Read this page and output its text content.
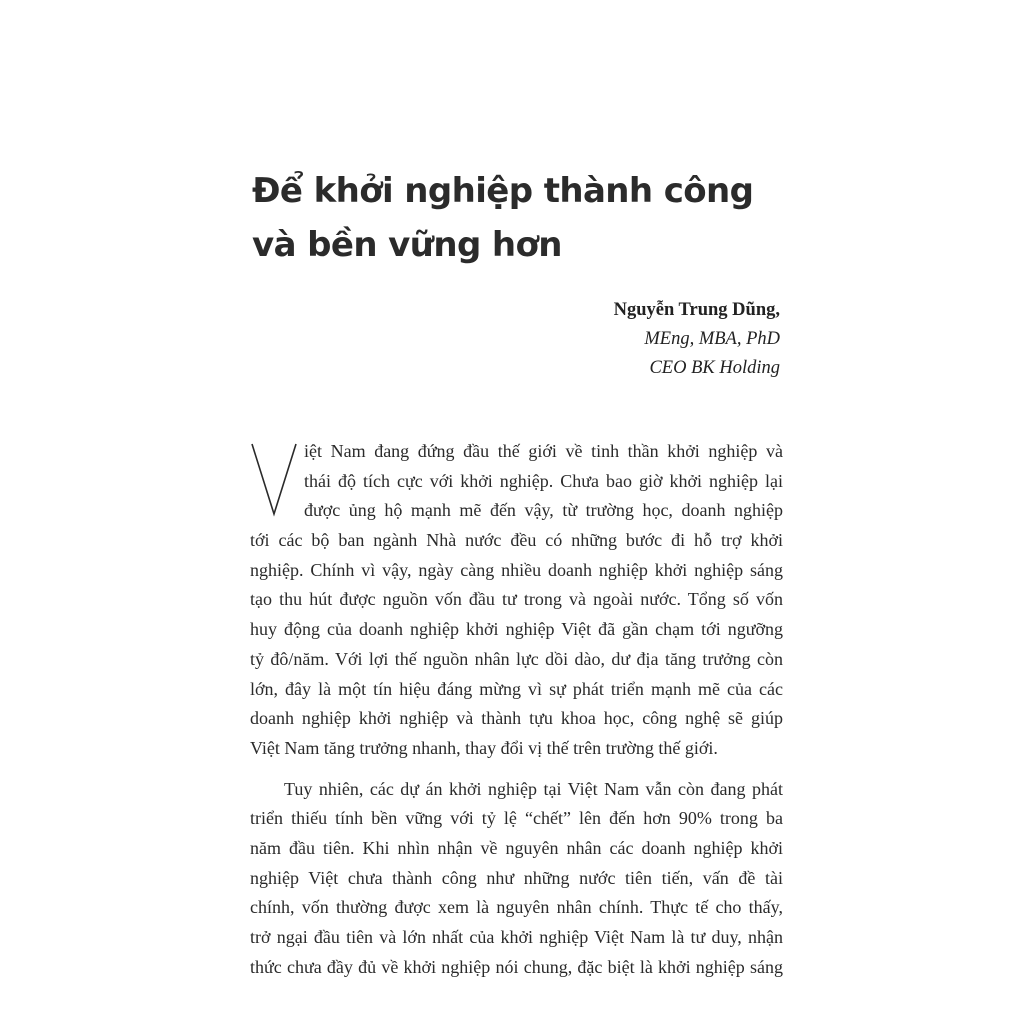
Để khởi nghiệp thành công
và bền vững hơn
Nguyễn Trung Dũng,
MEng, MBA, PhD
CEO BK Holding
iệt Nam đang đứng đầu thế giới về tinh thần khởi nghiệp và
thái độ tích cực với khởi nghiệp. Chưa bao giờ khởi nghiệp lại
được ủng hộ mạnh mẽ đến vậy, từ trường học, doanh nghiệp
tới các bộ ban ngành Nhà nước đều có những bước đi hỗ trợ khởi
nghiệp. Chính vì vậy, ngày càng nhiều doanh nghiệp khởi nghiệp sáng
tạo thu hút được nguồn vốn đầu tư trong và ngoài nước. Tổng số vốn
huy động của doanh nghiệp khởi nghiệp Việt đã gần chạm tới ngưỡng
tỷ đô/năm. Với lợi thế nguồn nhân lực dồi dào, dư địa tăng trưởng còn
lớn, đây là một tín hiệu đáng mừng vì sự phát triển mạnh mẽ của các
doanh nghiệp khởi nghiệp và thành tựu khoa học, công nghệ sẽ giúp
Việt Nam tăng trưởng nhanh, thay đổi vị thế trên trường thế giới.
Tuy nhiên, các dự án khởi nghiệp tại Việt Nam vẫn còn đang phát
triển thiếu tính bền vững với tỷ lệ “chết” lên đến hơn 90% trong ba
năm đầu tiên. Khi nhìn nhận về nguyên nhân các doanh nghiệp khởi
nghiệp Việt chưa thành công như những nước tiên tiến, vấn đề tài
chính, vốn thường được xem là nguyên nhân chính. Thực tế cho thấy,
trở ngại đầu tiên và lớn nhất của khởi nghiệp Việt Nam là tư duy, nhận
thức chưa đầy đủ về khởi nghiệp nói chung, đặc biệt là khởi nghiệp sáng
